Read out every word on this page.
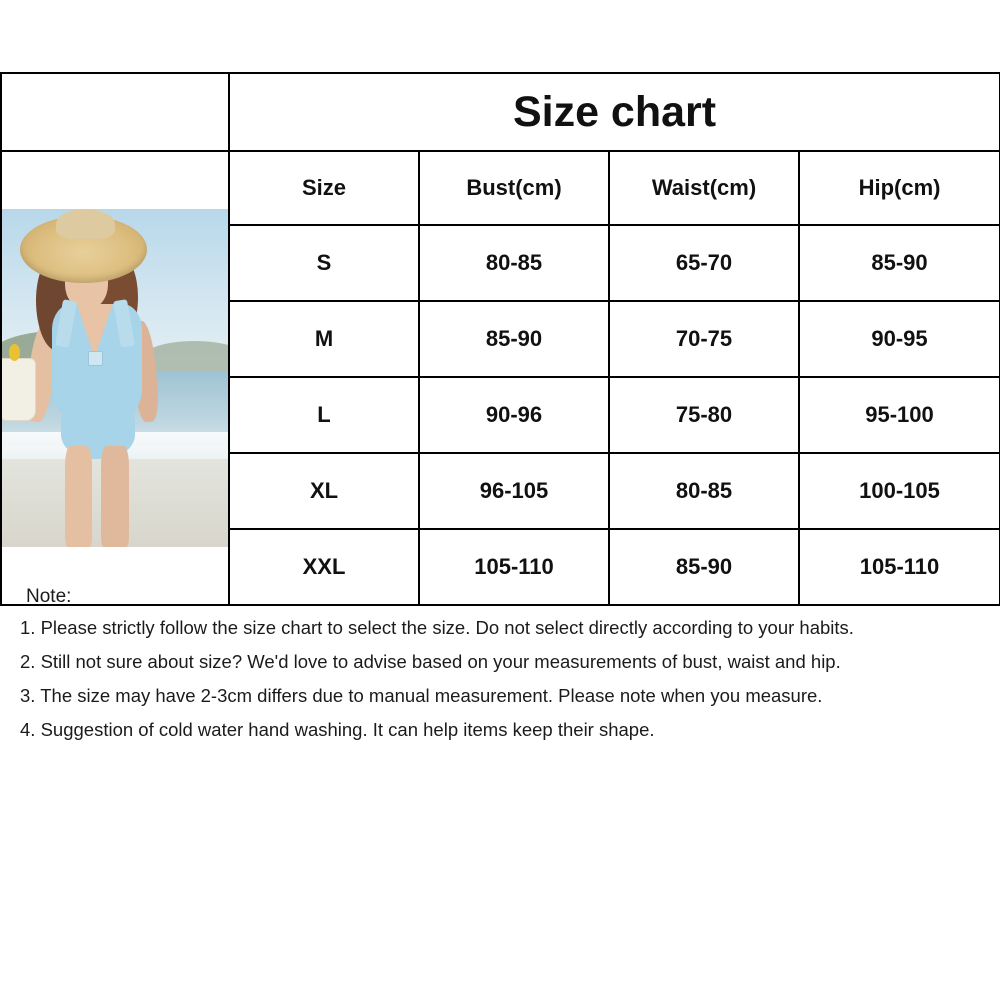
	Size chart			

	Size	Bust(cm)	Waist(cm)	Hip(cm)
	S	80-85	65-70	85-90
	M	85-90	70-75	90-95
	L	90-96	75-80	95-100
	XL	96-105	80-85	100-105
	XXL	105-110	85-90	105-110
Note:
1. Please strictly follow the size chart to select the size. Do not select directly according to your habits.
2. Still not sure about size? We'd love to advise based on your measurements of bust, waist and hip.
3. The size may have 2-3cm differs due to manual measurement. Please note when you measure.
4. Suggestion of cold water hand washing. It can help items keep their shape.
